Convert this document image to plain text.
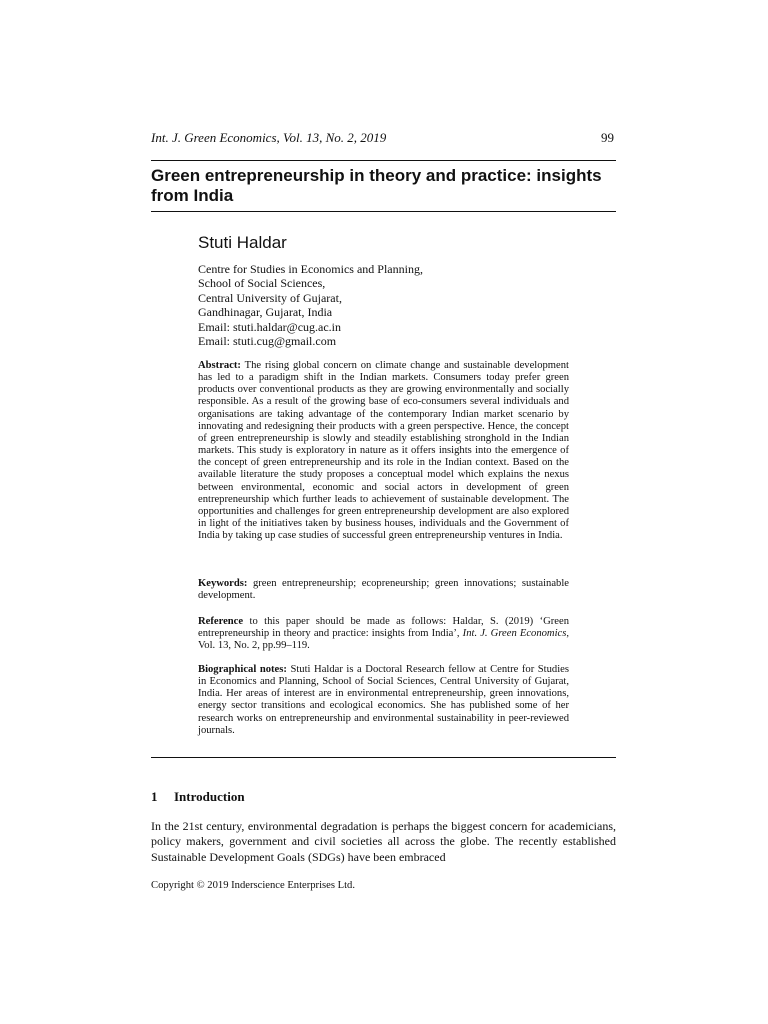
Int. J. Green Economics, Vol. 13, No. 2, 2019	99
Green entrepreneurship in theory and practice: insights from India
Stuti Haldar
Centre for Studies in Economics and Planning,
School of Social Sciences,
Central University of Gujarat,
Gandhinagar, Gujarat, India
Email: stuti.haldar@cug.ac.in
Email: stuti.cug@gmail.com
Abstract: The rising global concern on climate change and sustainable development has led to a paradigm shift in the Indian markets. Consumers today prefer green products over conventional products as they are growing environmentally and socially responsible. As a result of the growing base of eco-consumers several individuals and organisations are taking advantage of the contemporary Indian market scenario by innovating and redesigning their products with a green perspective. Hence, the concept of green entrepreneurship is slowly and steadily establishing stronghold in the Indian markets. This study is exploratory in nature as it offers insights into the emergence of the concept of green entrepreneurship and its role in the Indian context. Based on the available literature the study proposes a conceptual model which explains the nexus between environmental, economic and social actors in development of green entrepreneurship which further leads to achievement of sustainable development. The opportunities and challenges for green entrepreneurship development are also explored in light of the initiatives taken by business houses, individuals and the Government of India by taking up case studies of successful green entrepreneurship ventures in India.
Keywords: green entrepreneurship; ecopreneurship; green innovations; sustainable development.
Reference to this paper should be made as follows: Haldar, S. (2019) ‘Green entrepreneurship in theory and practice: insights from India’, Int. J. Green Economics, Vol. 13, No. 2, pp.99–119.
Biographical notes: Stuti Haldar is a Doctoral Research fellow at Centre for Studies in Economics and Planning, School of Social Sciences, Central University of Gujarat, India. Her areas of interest are in environmental entrepreneurship, green innovations, energy sector transitions and ecological economics. She has published some of her research works on entrepreneurship and environmental sustainability in peer-reviewed journals.
1 Introduction
In the 21st century, environmental degradation is perhaps the biggest concern for academicians, policy makers, government and civil societies all across the globe. The recently established Sustainable Development Goals (SDGs) have been embraced
Copyright © 2019 Inderscience Enterprises Ltd.
